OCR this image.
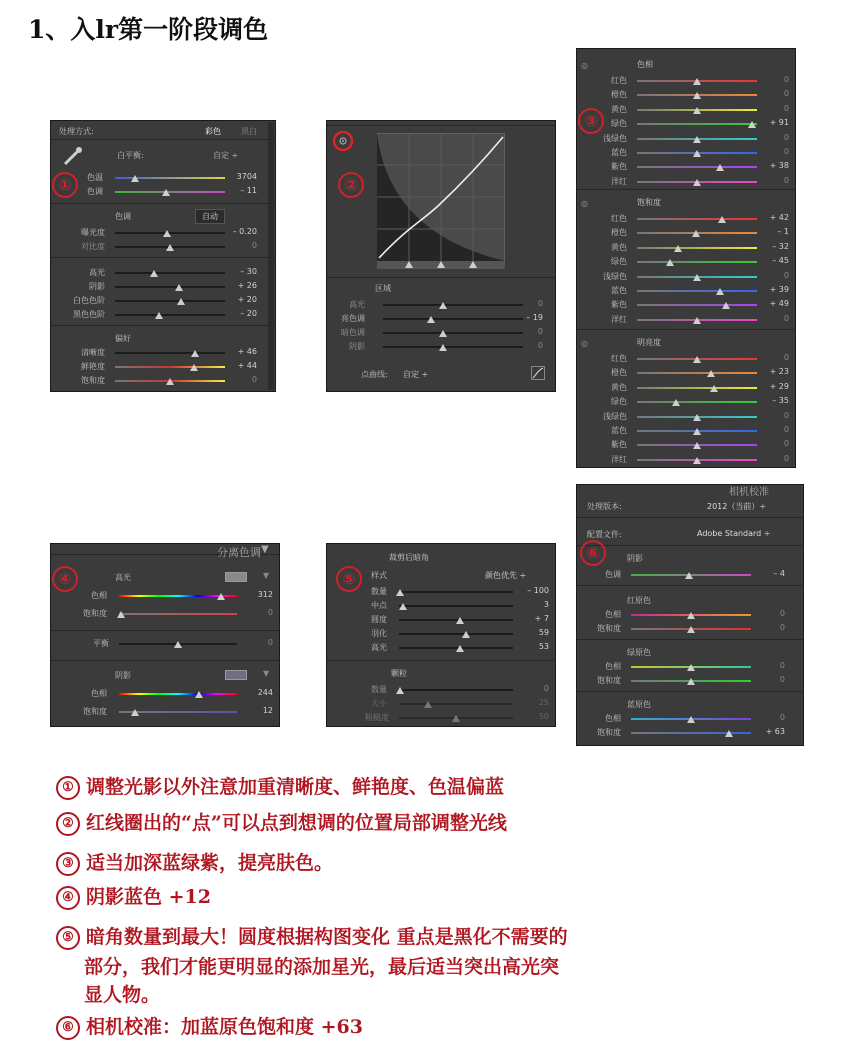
1、入lr第一阶段调色
处理方式:	彩色	黑白
白平衡:	自定 ÷
色温	3704
色调	– 11
色调	自动
曝光度	– 0.20
对比度	0
高光	– 30
阴影	+ 26
白色色阶	+ 20
黑色色阶	– 20
偏好
清晰度	+ 46
鲜艳度	+ 44
饱和度	0
①
区域
高光	0
亮色调	– 19
暗色调	0
阴影	0
点曲线: 自定 ÷
②
◎	色相
红色	0
橙色	0
黄色	0
绿色	+ 91
浅绿色	0
蓝色	0
紫色	+ 38
洋红	0
◎	饱和度
红色	+ 42
橙色	– 1
黄色	– 32
绿色	– 45
浅绿色	0
蓝色	+ 39
紫色	+ 49
洋红	0
◎	明亮度
红色	0
橙色	+ 23
黄色	+ 29
绿色	– 35
浅绿色	0
蓝色	0
紫色	0
洋红	0
③
分离色调 ▼
高光	▼
色相	312
饱和度	0
平衡	0
阴影	▼
色相	244
饱和度	12
④
裁剪后暗角
样式	颜色优先 ÷
数量	– 100
中点	3
圆度	+ 7
羽化	59
高光	53
颗粒
数量	0
大小	25
粗糙度	50
⑤
相机校准
处理版本:	2012（当前）÷
配置文件:	Adobe Standard ÷
阴影
色调	– 4
红原色
色相	0
饱和度	0
绿原色
色相	0
饱和度	0
蓝原色
色相	0
饱和度	+ 63
⑥
① 调整光影以外注意加重清晰度、鲜艳度、色温偏蓝
② 红线圈出的“点”可以点到想调的位置局部调整光线
③ 适当加深蓝绿紫，提亮肤色。
④ 阴影蓝色 +12
⑤ 暗角数量到最大！圆度根据构图变化 重点是黑化不需要的
部分，我们才能更明显的添加星光，最后适当突出高光突
显人物。
⑥ 相机校准：加蓝原色饱和度 +63
